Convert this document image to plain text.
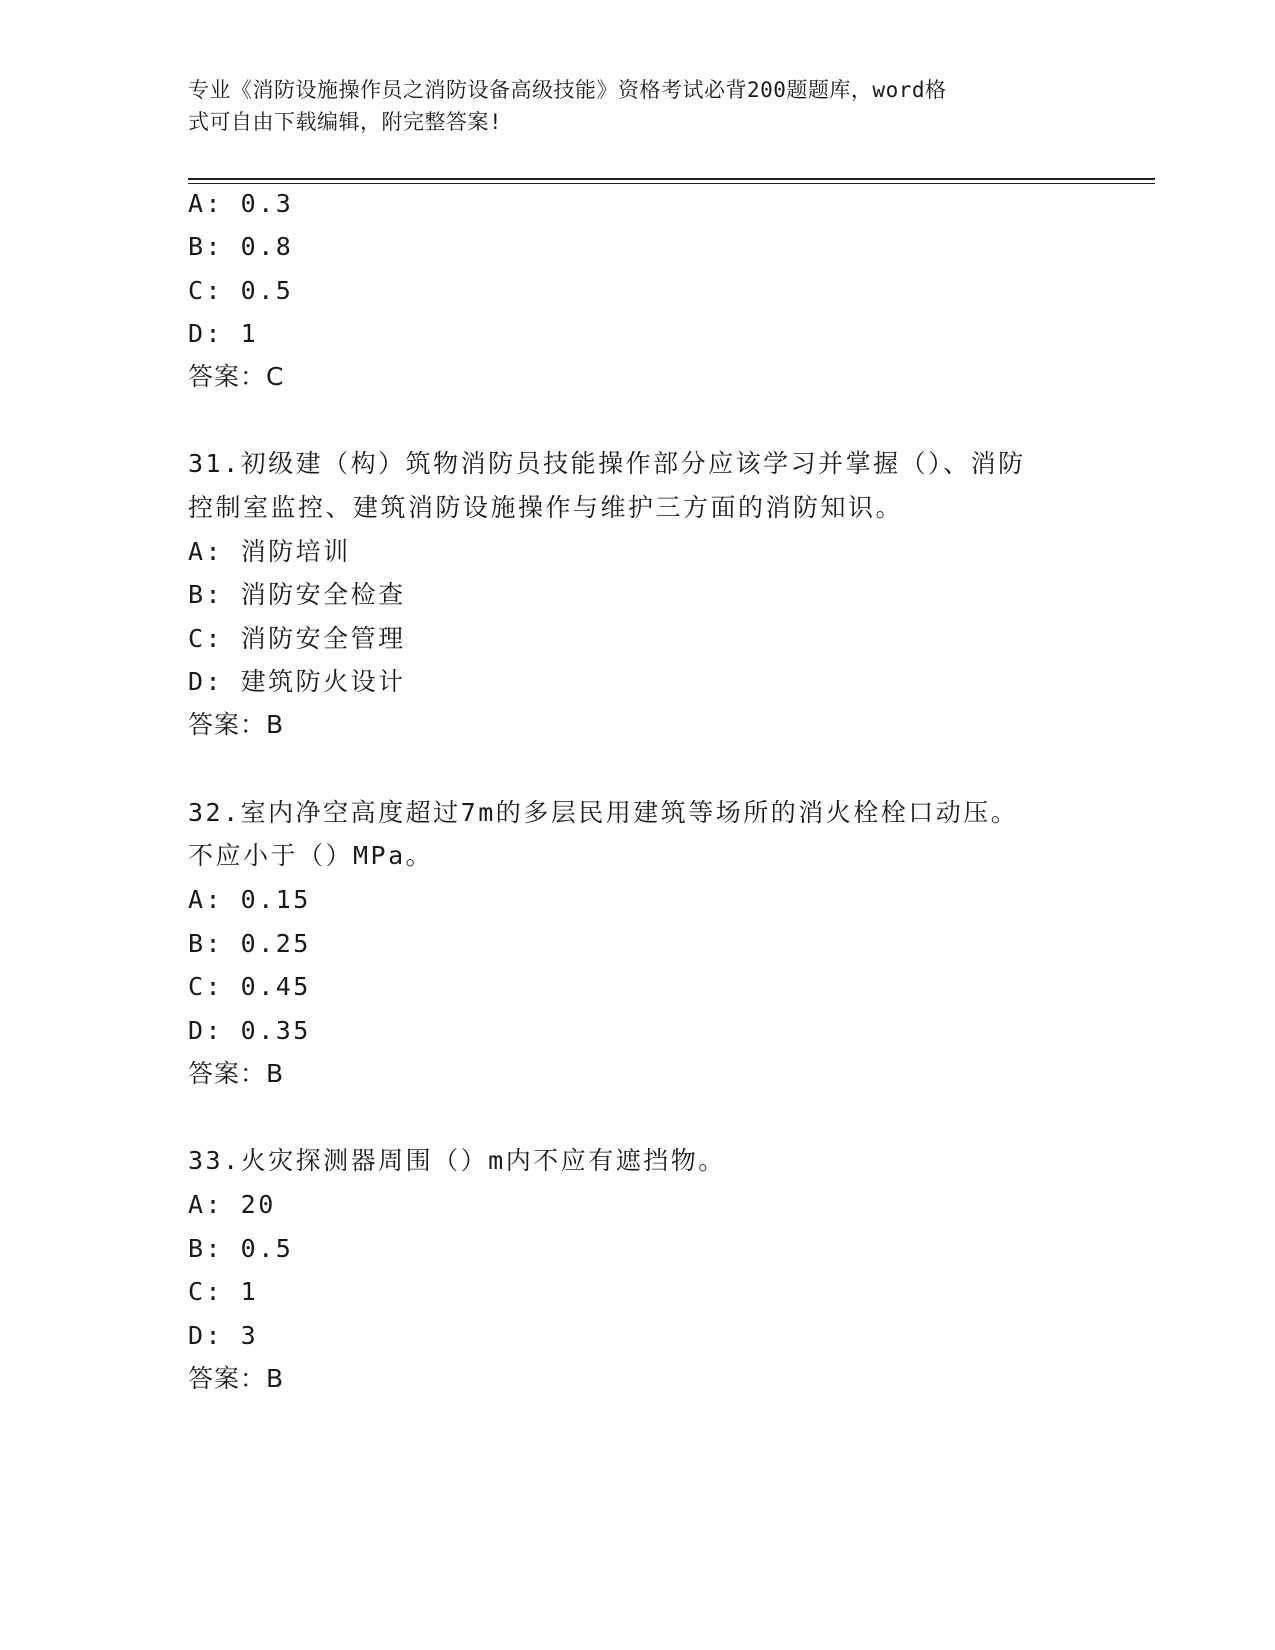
专业《消防设施操作员之消防设备高级技能》资格考试必背200题题库，word格
式可自由下载编辑，附完整答案!
A: 0.3
B: 0.8
C: 0.5
D: 1
答案：C
31.初级建（构）筑物消防员技能操作部分应该学习并掌握（）、消防
控制室监控、建筑消防设施操作与维护三方面的消防知识。
A: 消防培训
B: 消防安全检查
C: 消防安全管理
D: 建筑防火设计
答案：B
32.室内净空高度超过7m的多层民用建筑等场所的消火栓栓口动压。
不应小于（）MPa。
A: 0.15
B: 0.25
C: 0.45
D: 0.35
答案：B
33.火灾探测器周围（）m内不应有遮挡物。
A: 20
B: 0.5
C: 1
D: 3
答案：B
